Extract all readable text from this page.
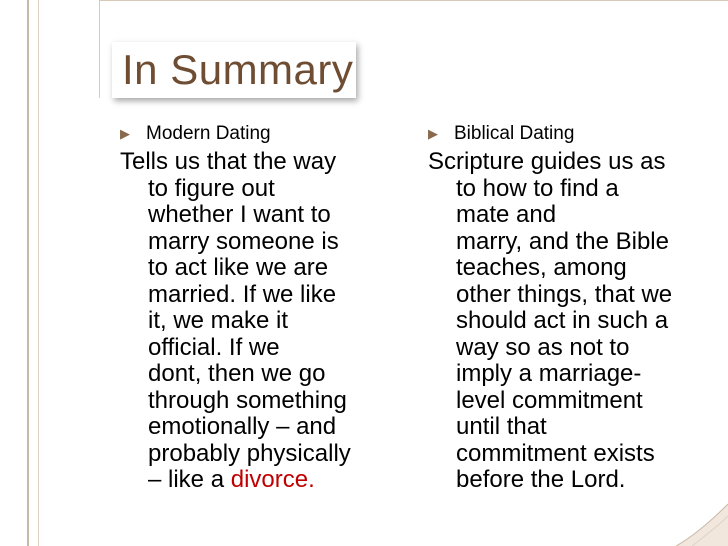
In Summary
▶︎ Modern Dating
Tells us that the way
to figure out
whether I want to
marry someone is
to act like we are
married. If we like
it, we make it
official. If we
dont, then we go
through something
emotionally – and
probably physically
– like a divorce.
▶︎ Biblical Dating
Scripture guides us as
to how to find a
mate and
marry, and the Bible
teaches, among
other things, that we
should act in such a
way so as not to
imply a marriage-
level commitment
until that
commitment exists
before the Lord.
